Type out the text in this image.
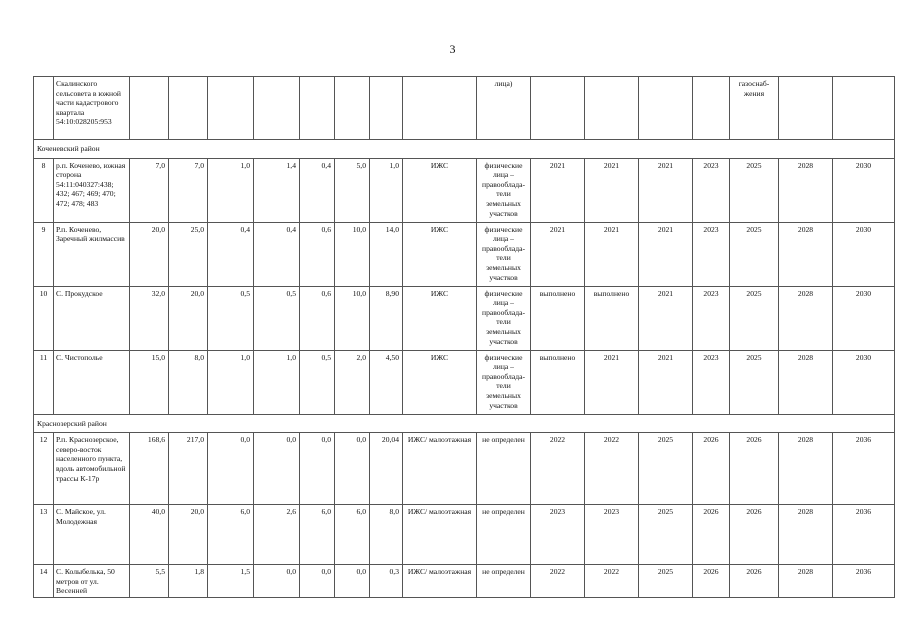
3
	Скалинского сельсовета в южной части кадастрового квартала 54:10:028205:953									лица)					газоснаб-жения		
Коченевский район																	
8	р.п. Коченево, южная сторона 54:11:040327:438; 432; 467; 469; 470; 472; 478; 483	7,0	7,0	1,0	1,4	0,4	5,0	1,0	ИЖС	физические лица – правооблада-тели земельных участков	2021	2021	2021	2023	2025	2028	2030
9	Р.п. Коченево, Заречный жилмассив	20,0	25,0	0,4	0,4	0,6	10,0	14,0	ИЖС	физические лица – правооблада-тели земельных участков	2021	2021	2021	2023	2025	2028	2030
10	С. Прокудское	32,0	20,0	0,5	0,5	0,6	10,0	8,90	ИЖС	физические лица – правооблада-тели земельных участков	выполнено	выполнено	2021	2023	2025	2028	2030
11	С. Чистополье	15,0	8,0	1,0	1,0	0,5	2,0	4,50	ИЖС	физические лица – правооблада-тели земельных участков	выполнено	2021	2021	2023	2025	2028	2030
Краснозерский район																	
12	Р.п. Краснозерское, северо-восток населенного пункта, вдоль автомобильной трассы К-17р	168,6	217,0	0,0	0,0	0,0	0,0	20,04	ИЖС/ малоэтажная	не определен	2022	2022	2025	2026	2026	2028	2036
13	С. Майское, ул. Молодежная	40,0	20,0	6,0	2,6	6,0	6,0	8,0	ИЖС/ малоэтажная	не определен	2023	2023	2025	2026	2026	2028	2036
14	С. Колыбелька, 50 метров от ул. Весенней	5,5	1,8	1,5	0,0	0,0	0,0	0,3	ИЖС/ малоэтажная	не определен	2022	2022	2025	2026	2026	2028	2036
